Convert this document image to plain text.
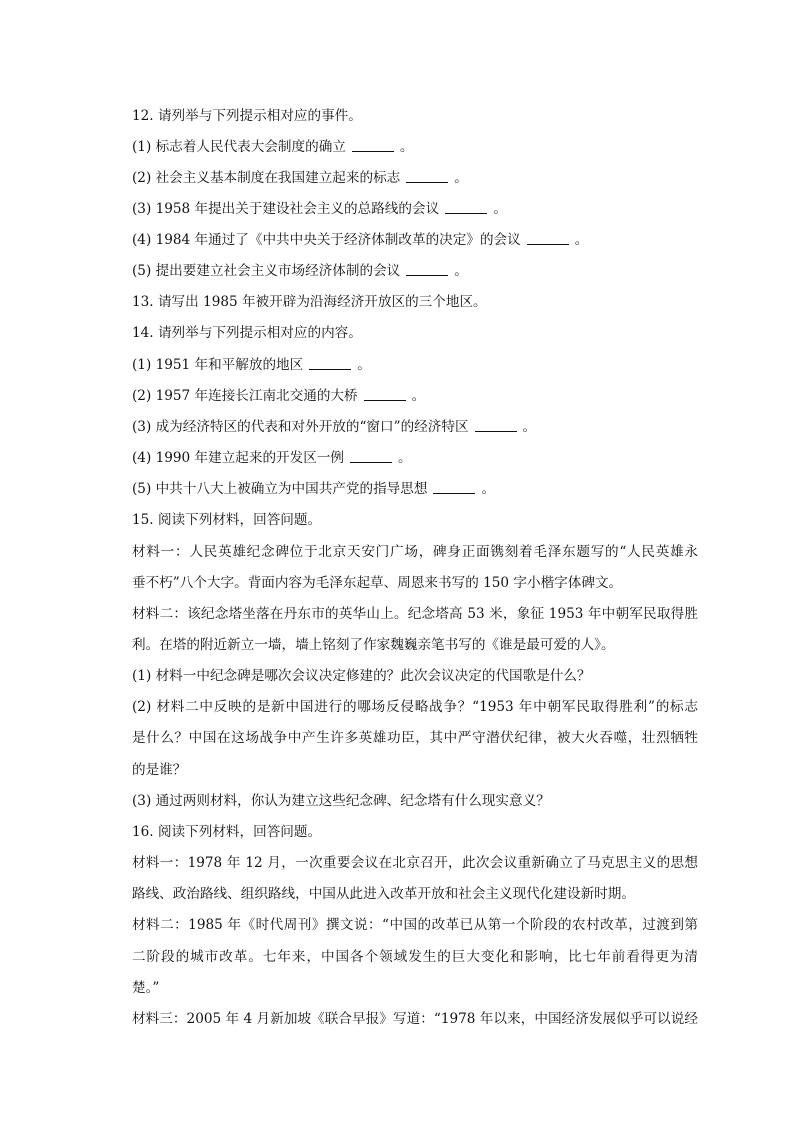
12. 请列举与下列提示相对应的事件。
(1) 标志着人民代表大会制度的确立	。
(2) 社会主义基本制度在我国建立起来的标志	。
(3) 1958 年提出关于建设社会主义的总路线的会议	。
(4) 1984 年通过了《中共中央关于经济体制改革的决定》的会议	。
(5) 提出要建立社会主义市场经济体制的会议	。
13. 请写出 1985 年被开辟为沿海经济开放区的三个地区。
14. 请列举与下列提示相对应的内容。
(1) 1951 年和平解放的地区	。
(2) 1957 年连接长江南北交通的大桥	。
(3) 成为经济特区的代表和对外开放的“窗口”的经济特区	。
(4) 1990 年建立起来的开发区一例	。
(5) 中共十八大上被确立为中国共产党的指导思想	。
15. 阅读下列材料，回答问题。
材料一：人民英雄纪念碑位于北京天安门广场，碑身正面镌刻着毛泽东题写的“人民英雄永
垂不朽”八个大字。背面内容为毛泽东起草、周恩来书写的 150 字小楷字体碑文。
材料二：该纪念塔坐落在丹东市的英华山上。纪念塔高 53 米，象征 1953 年中朝军民取得胜
利。在塔的附近新立一墙，墙上铭刻了作家魏巍亲笔书写的《谁是最可爱的人》。
(1) 材料一中纪念碑是哪次会议决定修建的？此次会议决定的代国歌是什么？
(2) 材料二中反映的是新中国进行的哪场反侵略战争？“1953 年中朝军民取得胜利”的标志
是什么？中国在这场战争中产生许多英雄功臣，其中严守潜伏纪律，被大火吞噬，壮烈牺牲
的是谁？
(3) 通过两则材料，你认为建立这些纪念碑、纪念塔有什么现实意义？
16. 阅读下列材料，回答问题。
材料一：1978 年 12 月，一次重要会议在北京召开，此次会议重新确立了马克思主义的思想
路线、政治路线、组织路线，中国从此进入改革开放和社会主义现代化建设新时期。
材料二：1985 年《时代周刊》撰文说：“中国的改革已从第一个阶段的农村改革，过渡到第
二阶段的城市改革。七年来，中国各个领域发生的巨大变化和影响，比七年前看得更为清
楚。”
材料三：2005 年 4 月新加坡《联合早报》写道：“1978 年以来，中国经济发展似乎可以说经
